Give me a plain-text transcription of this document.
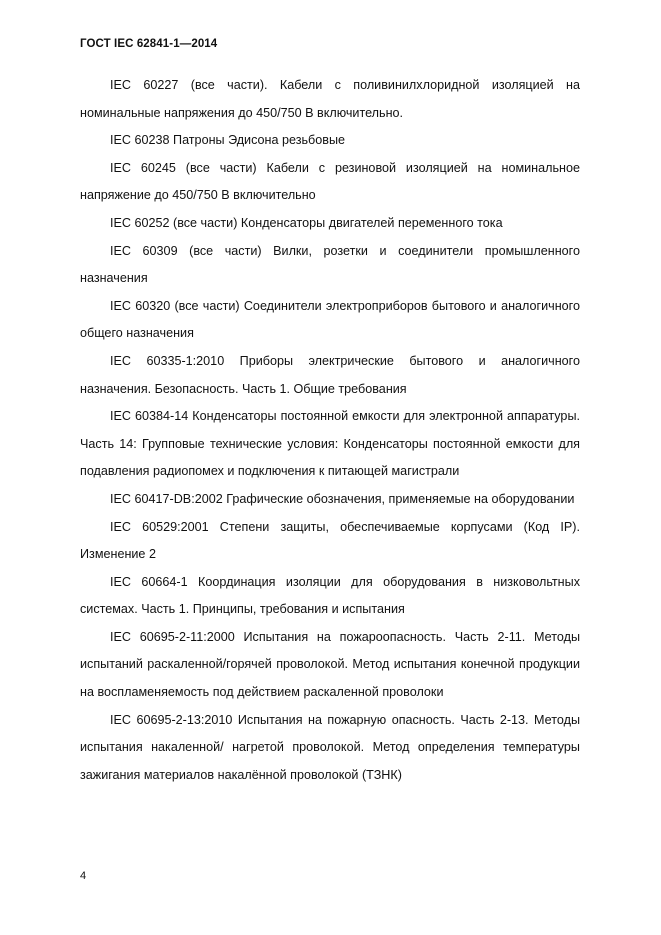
ГОСТ IEC 62841-1—2014

IEC 60227 (все части). Кабели с поливинилхлоридной изоляцией на номинальные напряжения до 450/750 В включительно.

IEC 60238 Патроны Эдисона резьбовые

IEC 60245 (все части) Кабели с резиновой изоляцией на номинальное напряжение до 450/750 В включительно

IEC 60252 (все части) Конденсаторы двигателей переменного тока

IEC 60309 (все части) Вилки, розетки и соединители промышленного назначения

IEC 60320 (все части) Соединители электроприборов бытового и аналогичного общего назначения

IEC 60335-1:2010 Приборы электрические бытового и аналогичного назначения. Безопасность. Часть 1. Общие требования

IEC 60384-14 Конденсаторы постоянной емкости для электронной аппаратуры. Часть 14: Групповые технические условия: Конденсаторы постоянной емкости для подавления радиопомех и подключения к питающей магистрали

IEC 60417-DB:2002 Графические обозначения, применяемые на оборудовании

IEC 60529:2001 Степени защиты, обеспечиваемые корпусами (Код IP). Изменение 2

IEC 60664-1 Координация изоляции для оборудования в низковольтных системах. Часть 1. Принципы, требования и испытания

IEC 60695-2-11:2000 Испытания на пожароопасность. Часть 2-11. Методы испытаний раскаленной/горячей проволокой. Метод испытания конечной продукции на воспламеняемость под действием раскаленной проволоки

IEC 60695-2-13:2010 Испытания на пожарную опасность. Часть 2-13. Методы испытания накаленной/ нагретой проволокой. Метод определения температуры зажигания материалов накалённой проволокой (ТЗНК)

4
